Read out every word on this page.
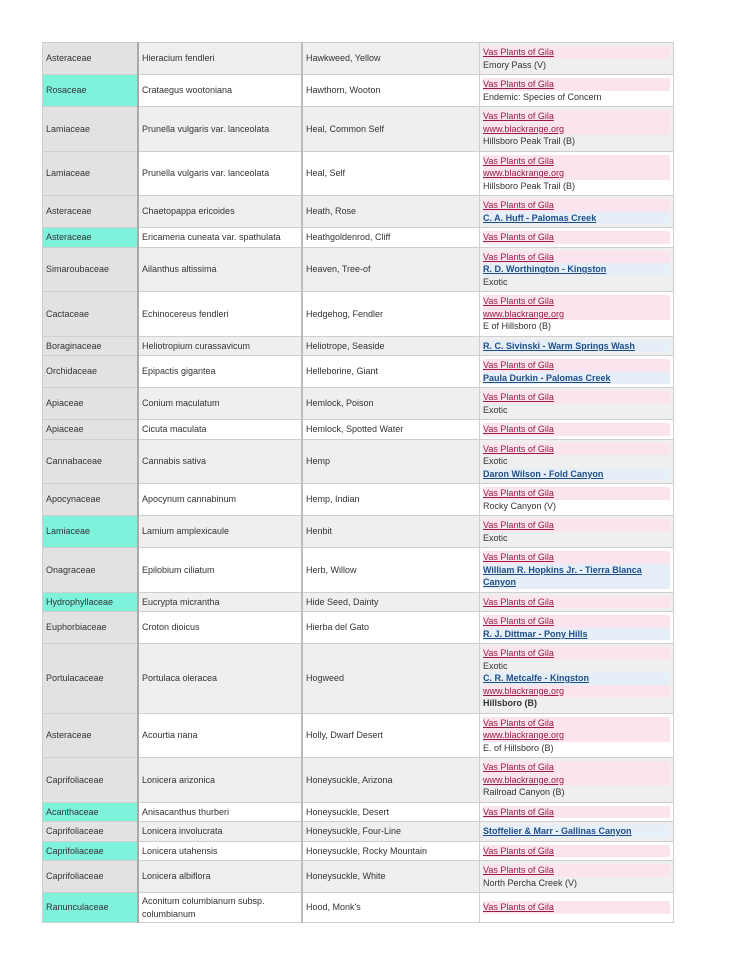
Asteraceae	Hieracium fendleri	Hawkweed, Yellow	Vas Plants of Gila
Emory Pass (V)

Rosaceae	Crataegus wootoniana	Hawthorn, Wooton	Vas Plants of Gila
Endemic: Species of Concern

Lamiaceae	Prunella vulgaris var. lanceolata	Heal, Common Self	Vas Plants of Gila
www.blackrange.org
Hillsboro Peak Trail (B)

Lamiaceae	Prunella vulgaris var. lanceolata	Heal, Self	Vas Plants of Gila
www.blackrange.org
Hillsboro Peak Trail (B)

Asteraceae	Chaetopappa ericoides	Heath, Rose	Vas Plants of Gila
C. A. Huff - Palomas Creek

Asteraceae	Ericameria cuneata var. spathulata	Heathgoldenrod, Cliff	Vas Plants of Gila

Simaroubaceae	Ailanthus altissima	Heaven, Tree-of	Vas Plants of Gila
R. D. Worthington - Kingston
Exotic

Cactaceae	Echinocereus fendleri	Hedgehog, Fendler	Vas Plants of Gila
www.blackrange.org
E of Hillsboro (B)

Boraginaceae	Heliotropium curassavicum	Heliotrope, Seaside	R. C. Sivinski - Warm Springs Wash

Orchidaceae	Epipactis gigantea	Helleborine, Giant	Vas Plants of Gila
Paula Durkin - Palomas Creek

Apiaceae	Conium maculatum	Hemlock, Poison	Vas Plants of Gila
Exotic

Apiaceae	Cicuta maculata	Hemlock, Spotted Water	Vas Plants of Gila

Cannabaceae	Cannabis sativa	Hemp	Vas Plants of Gila
Exotic
Daron Wilson - Fold Canyon

Apocynaceae	Apocynum cannabinum	Hemp, Indian	Vas Plants of Gila
Rocky Canyon (V)

Lamiaceae	Lamium amplexicaule	Henbit	Vas Plants of Gila
Exotic

Onagraceae	Epilobium ciliatum	Herb, Willow	Vas Plants of Gila
William R. Hopkins Jr. - Tierra Blanca Canyon

Hydrophyllaceae	Eucrypta micrantha	Hide Seed, Dainty	Vas Plants of Gila

Euphorbiaceae	Croton dioicus	Hierba del Gato	Vas Plants of Gila
R. J. Dittmar - Pony Hills

Portulacaceae	Portulaca oleracea	Hogweed	Vas Plants of Gila
Exotic
C. R. Metcalfe - Kingston
www.blackrange.org
Hillsboro (B)

Asteraceae	Acourtia nana	Holly, Dwarf Desert	Vas Plants of Gila
www.blackrange.org
E. of Hillsboro (B)

Caprifoliaceae	Lonicera arizonica	Honeysuckle, Arizona	Vas Plants of Gila
www.blackrange.org
Railroad Canyon (B)

Acanthaceae	Anisacanthus thurberi	Honeysuckle, Desert	Vas Plants of Gila

Caprifoliaceae	Lonicera involucrata	Honeysuckle, Four-Line	Stoffelier & Marr - Gallinas Canyon

Caprifoliaceae	Lonicera utahensis	Honeysuckle, Rocky Mountain	Vas Plants of Gila

Caprifoliaceae	Lonicera albiflora	Honeysuckle, White	Vas Plants of Gila
North Percha Creek (V)

Ranunculaceae	Aconitum columbianum subsp. columbianum	Hood, Monk's	Vas Plants of Gila
